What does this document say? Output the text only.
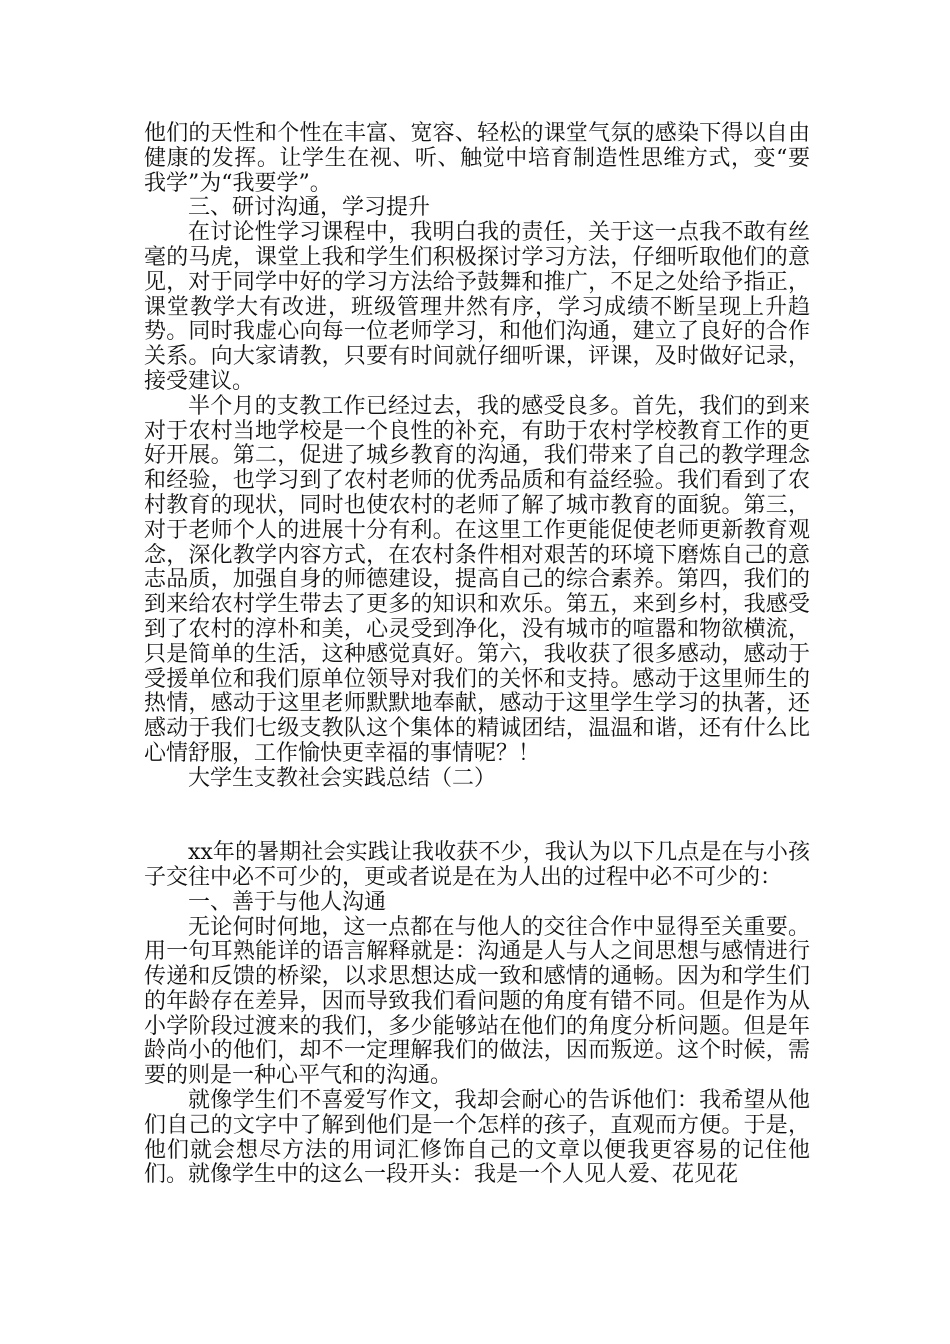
他们的天性和个性在丰富、宽容、轻松的课堂气氛的感染下得以自由健康的发挥。让学生在视、听、触觉中培育制造性思维方式，变“要我学”为“我要学”。

三、研讨沟通，学习提升

在讨论性学习课程中，我明白我的责任，关于这一点我不敢有丝毫的马虎，课堂上我和学生们积极探讨学习方法，仔细听取他们的意见，对于同学中好的学习方法给予鼓舞和推广，不足之处给予指正，课堂教学大有改进，班级管理井然有序，学习成绩不断呈现上升趋势。同时我虚心向每一位老师学习，和他们沟通，建立了良好的合作关系。向大家请教，只要有时间就仔细听课，评课，及时做好记录，接受建议。

半个月的支教工作已经过去，我的感受良多。首先，我们的到来对于农村当地学校是一个良性的补充，有助于农村学校教育工作的更好开展。第二，促进了城乡教育的沟通，我们带来了自己的教学理念和经验，也学习到了农村老师的优秀品质和有益经验。我们看到了农村教育的现状，同时也使农村的老师了解了城市教育的面貌。第三，对于老师个人的进展十分有利。在这里工作更能促使老师更新教育观念，深化教学内容方式，在农村条件相对艰苦的环境下磨炼自己的意志品质，加强自身的师德建设，提高自己的综合素养。第四，我们的到来给农村学生带去了更多的知识和欢乐。第五，来到乡村，我感受到了农村的淳朴和美，心灵受到净化，没有城市的喧嚣和物欲横流，只是简单的生活，这种感觉真好。第六，我收获了很多感动，感动于受援单位和我们原单位领导对我们的关怀和支持。感动于这里师生的热情，感动于这里老师默默地奉献，感动于这里学生学习的执著，还感动于我们七级支教队这个集体的精诚团结，温温和谐，还有什么比心情舒服，工作愉快更幸福的事情呢？！

大学生支教社会实践总结（二）

xx年的暑期社会实践让我收获不少，我认为以下几点是在与小孩子交往中必不可少的，更或者说是在为人出的过程中必不可少的：

一、善于与他人沟通

无论何时何地，这一点都在与他人的交往合作中显得至关重要。用一句耳熟能详的语言解释就是：沟通是人与人之间思想与感情进行传递和反馈的桥梁，以求思想达成一致和感情的通畅。因为和学生们的年龄存在差异，因而导致我们看问题的角度有错不同。但是作为从小学阶段过渡来的我们，多少能够站在他们的角度分析问题。但是年龄尚小的他们，却不一定理解我们的做法，因而叛逆。这个时候，需要的则是一种心平气和的沟通。

就像学生们不喜爱写作文，我却会耐心的告诉他们：我希望从他们自己的文字中了解到他们是一个怎样的孩子，直观而方便。于是，他们就会想尽方法的用词汇修饰自己的文章以便我更容易的记住他们。就像学生中的这么一段开头：我是一个人见人爱、花见花
